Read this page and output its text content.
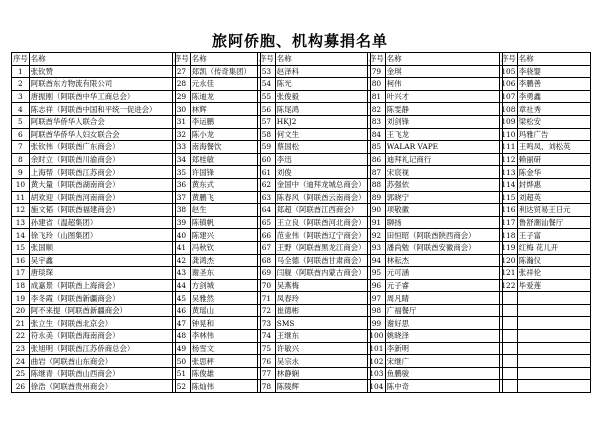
旅阿侨胞、机构募捐名单
序号	名称
1	张钦赞
2	阿联酋东方物流有限公司
3	唐振刚（阿联酋中华工商总会）
4	陈志祥（阿联酋中国和平统一促进会）
5	阿联酋华侨华人联合会
6	阿联酋华侨华人妇女联合会
7	张钦伟（阿联酋广东商会）
8	余时立（阿联酋川渝商会）
9	上海帮（阿联酋江苏商会）
10	黄大量（阿联酋湖南商会）
11	胡欢迎（阿联酋河南商会）
12	施文韬（阿联酋福建商会）
13	孙建省（温超集团）
14	徐飞玲（山图集团）
15	张国顺
16	吴宇鑫
17	唐琰琛
18	成嘉景（阿联酋上海商会）
19	李冬霞（阿联酋新疆商会）
20	阿不来提（阿联酋新疆商会）
21	张立生（阿联酋北京会）
22	符永美（阿联酋海南商会）
23	张旭明（阿联酋江苏侨商总会）
24	曲岩（阿联酋山东商会）
25	陈继青（阿联酋山西商会）
26	徐浩（阿联酋贵州商会）
序号	名称
27	郑凯（传奇集团）
28	元永佳
29	陈迪龙
30	林辉
31	李运鹏
32	陈小龙
33	南海餐饮
34	郑桂敏
35	许国锋
36	黄东式
37	黄鹏飞
38	赵生
39	陈镇帆
40	陈建兴
41	冯秋钦
42	龚鸿杰
43	谢圣东
44	方剑城
45	吴雅然
46	黄瑶山
47	钟晃和
48	李林伟
49	杨雪文
50	张思秤
51	陈俊雄
52	陈灿伟
序号	名称
53	赵泽科
54	陈光
55	张俊毅
56	陈尾鸿
57	HKJ2
58	何文生
59	蔡国松
60	李迅
61	刘俊
62	金国中（迪拜龙城总商会）
63	陈春风（阿联酋云南商会）
64	郑超（阿联酋江西商会）
65	王立良（阿联酋河北商会）
66	范业伟（阿联酋辽宁商会）
67	王野（阿联酋黑龙江商会）
68	马全德（阿联酋甘肃商会）
69	闫舰（阿联酋内蒙古商会）
70	吴燕梅
71	凤春玲
72	崔德彬
73	SMS
74	王继东
75	许敏兴
76	吴宗永
77	林静娴
78	陈陵辉
序号	名称
79	金琪
80	柯伟
81	叶兴才
82	陈雯静
83	刘剑锋
84	王飞龙
85	WALAR VAPE
86	迪拜礼记商行
87	宋宸视
88	苏强依
89	郭晓宁
90	项敬徽
91	聊扬
92	田恒昭（阿联酋陕西商会）
93	潘尚勉（阿联酋安徽商会）
94	林耘杰
95	元可涵
96	元子睿
97	周凡睛
98	广福餐厅
99	谢好思
100	姚晓泽
101	李新明
102	宋继广
103	鱼鹏骏
104	陈中奇
序号	名称
105	李骁婴
106	李鹏善
107	李勇鑫
108	章社秀
109	梁松安
110	玛雅广告
111	王鸣凤、刘松英
112	赖丽研
113	陈金华
114	封烨惠
115	刘超英
116	利达贸易王日元
117	鲁舒潮汕餐厅
118	王子富
119	红梅 花儿开
120	陈瀚仪
121	张祥伦
122	毕爱莲
